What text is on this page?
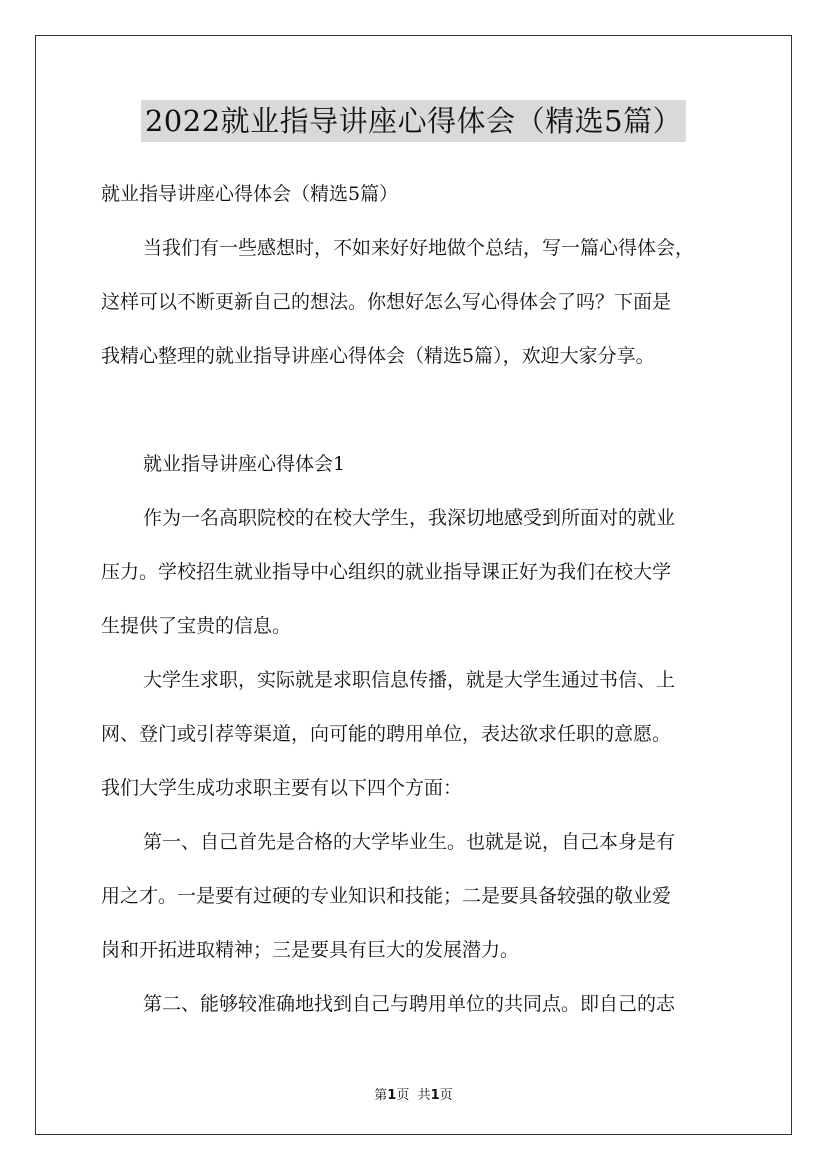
2022就业指导讲座心得体会（精选5篇）
就业指导讲座心得体会（精选5篇）
当我们有一些感想时，不如来好好地做个总结，写一篇心得体会，
这样可以不断更新自己的想法。你想好怎么写心得体会了吗？下面是
我精心整理的就业指导讲座心得体会（精选5篇），欢迎大家分享。
就业指导讲座心得体会1
作为一名高职院校的在校大学生，我深切地感受到所面对的就业
压力。学校招生就业指导中心组织的就业指导课正好为我们在校大学
生提供了宝贵的信息。
大学生求职，实际就是求职信息传播，就是大学生通过书信、上
网、登门或引荐等渠道，向可能的聘用单位，表达欲求任职的意愿。
我们大学生成功求职主要有以下四个方面：
第一、自己首先是合格的大学毕业生。也就是说，自己本身是有
用之才。一是要有过硬的专业知识和技能；二是要具备较强的敬业爱
岗和开拓进取精神；三是要具有巨大的发展潜力。
第二、能够较准确地找到自己与聘用单位的共同点。即自己的志
第1页 共1页
